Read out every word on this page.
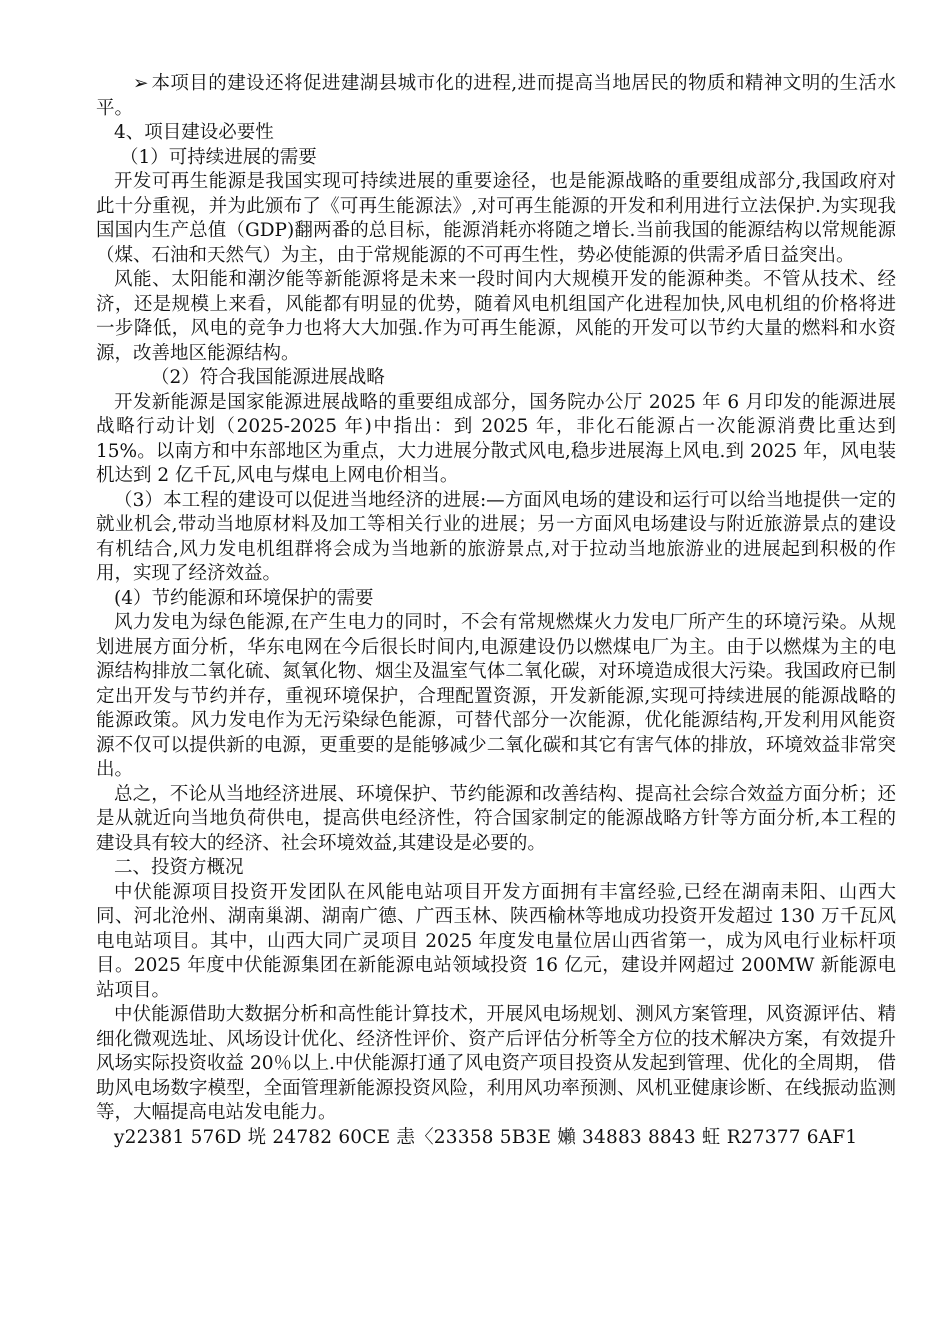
➢ 本项目的建设还将促进建湖县城市化的进程,进而提高当地居民的物质和精神文明的生活水平。

4、项目建设必要性

（1）可持续进展的需要

开发可再生能源是我国实现可持续进展的重要途径，也是能源战略的重要组成部分,我国政府对此十分重视，并为此颁布了《可再生能源法》,对可再生能源的开发和利用进行立法保护.为实现我国国内生产总值（GDP)翻两番的总目标，能源消耗亦将随之增长.当前我国的能源结构以常规能源（煤、石油和天然气）为主，由于常规能源的不可再生性，势必使能源的供需矛盾日益突出。

风能、太阳能和潮汐能等新能源将是未来一段时间内大规模开发的能源种类。不管从技术、经济，还是规模上来看，风能都有明显的优势，随着风电机组国产化进程加快,风电机组的价格将进一步降低，风电的竞争力也将大大加强.作为可再生能源，风能的开发可以节约大量的燃料和水资源，改善地区能源结构。

（2）符合我国能源进展战略

开发新能源是国家能源进展战略的重要组成部分，国务院办公厅 2025 年 6 月印发的能源进展战略行动计划（2025-2025 年)中指出：到 2025 年，非化石能源占一次能源消费比重达到 15%。以南方和中东部地区为重点，大力进展分散式风电,稳步进展海上风电.到 2025 年，风电装机达到 2 亿千瓦,风电与煤电上网电价相当。

（3）本工程的建设可以促进当地经济的进展:—方面风电场的建设和运行可以给当地提供一定的就业机会,带动当地原材料及加工等相关行业的进展；另一方面风电场建设与附近旅游景点的建设有机结合,风力发电机组群将会成为当地新的旅游景点,对于拉动当地旅游业的进展起到积极的作用，实现了经济效益。

(4）节约能源和环境保护的需要

风力发电为绿色能源,在产生电力的同时，不会有常规燃煤火力发电厂所产生的环境污染。从规划进展方面分析，华东电网在今后很长时间内,电源建设仍以燃煤电厂为主。由于以燃煤为主的电源结构排放二氧化硫、氮氧化物、烟尘及温室气体二氧化碳，对环境造成很大污染。我国政府已制定出开发与节约并存，重视环境保护，合理配置资源，开发新能源,实现可持续进展的能源战略的能源政策。风力发电作为无污染绿色能源，可替代部分一次能源，优化能源结构,开发利用风能资源不仅可以提供新的电源，更重要的是能够减少二氧化碳和其它有害气体的排放，环境效益非常突出。

总之，不论从当地经济进展、环境保护、节约能源和改善结构、提高社会综合效益方面分析；还是从就近向当地负荷供电，提高供电经济性，符合国家制定的能源战略方针等方面分析,本工程的建设具有较大的经济、社会环境效益,其建设是必要的。

二、投资方概况

中伏能源项目投资开发团队在风能电站项目开发方面拥有丰富经验,已经在湖南耒阳、山西大同、河北沧州、湖南巢湖、湖南广德、广西玉林、陕西榆林等地成功投资开发超过 130 万千瓦风电电站项目。其中，山西大同广灵项目 2025 年度发电量位居山西省第一，成为风电行业标杆项目。2025 年度中伏能源集团在新能源电站领域投资 16 亿元，建设并网超过 200MW 新能源电站项目。

中伏能源借助大数据分析和高性能计算技术，开展风电场规划、测风方案管理，风资源评估、精细化微观选址、风场设计优化、经济性评价、资产后评估分析等全方位的技术解决方案，有效提升风场实际投资收益 20％以上.中伏能源打通了风电资产项目投资从发起到管理、优化的全周期， 借助风电场数字模型，全面管理新能源投资风险，利用风功率预测、风机亚健康诊断、在线振动监测等，大幅提高电站发电能力。

y22381 576D 垙 24782 60CE 恚〈23358 5B3E 嬾 34883 8843 蚟 R27377 6AF1
